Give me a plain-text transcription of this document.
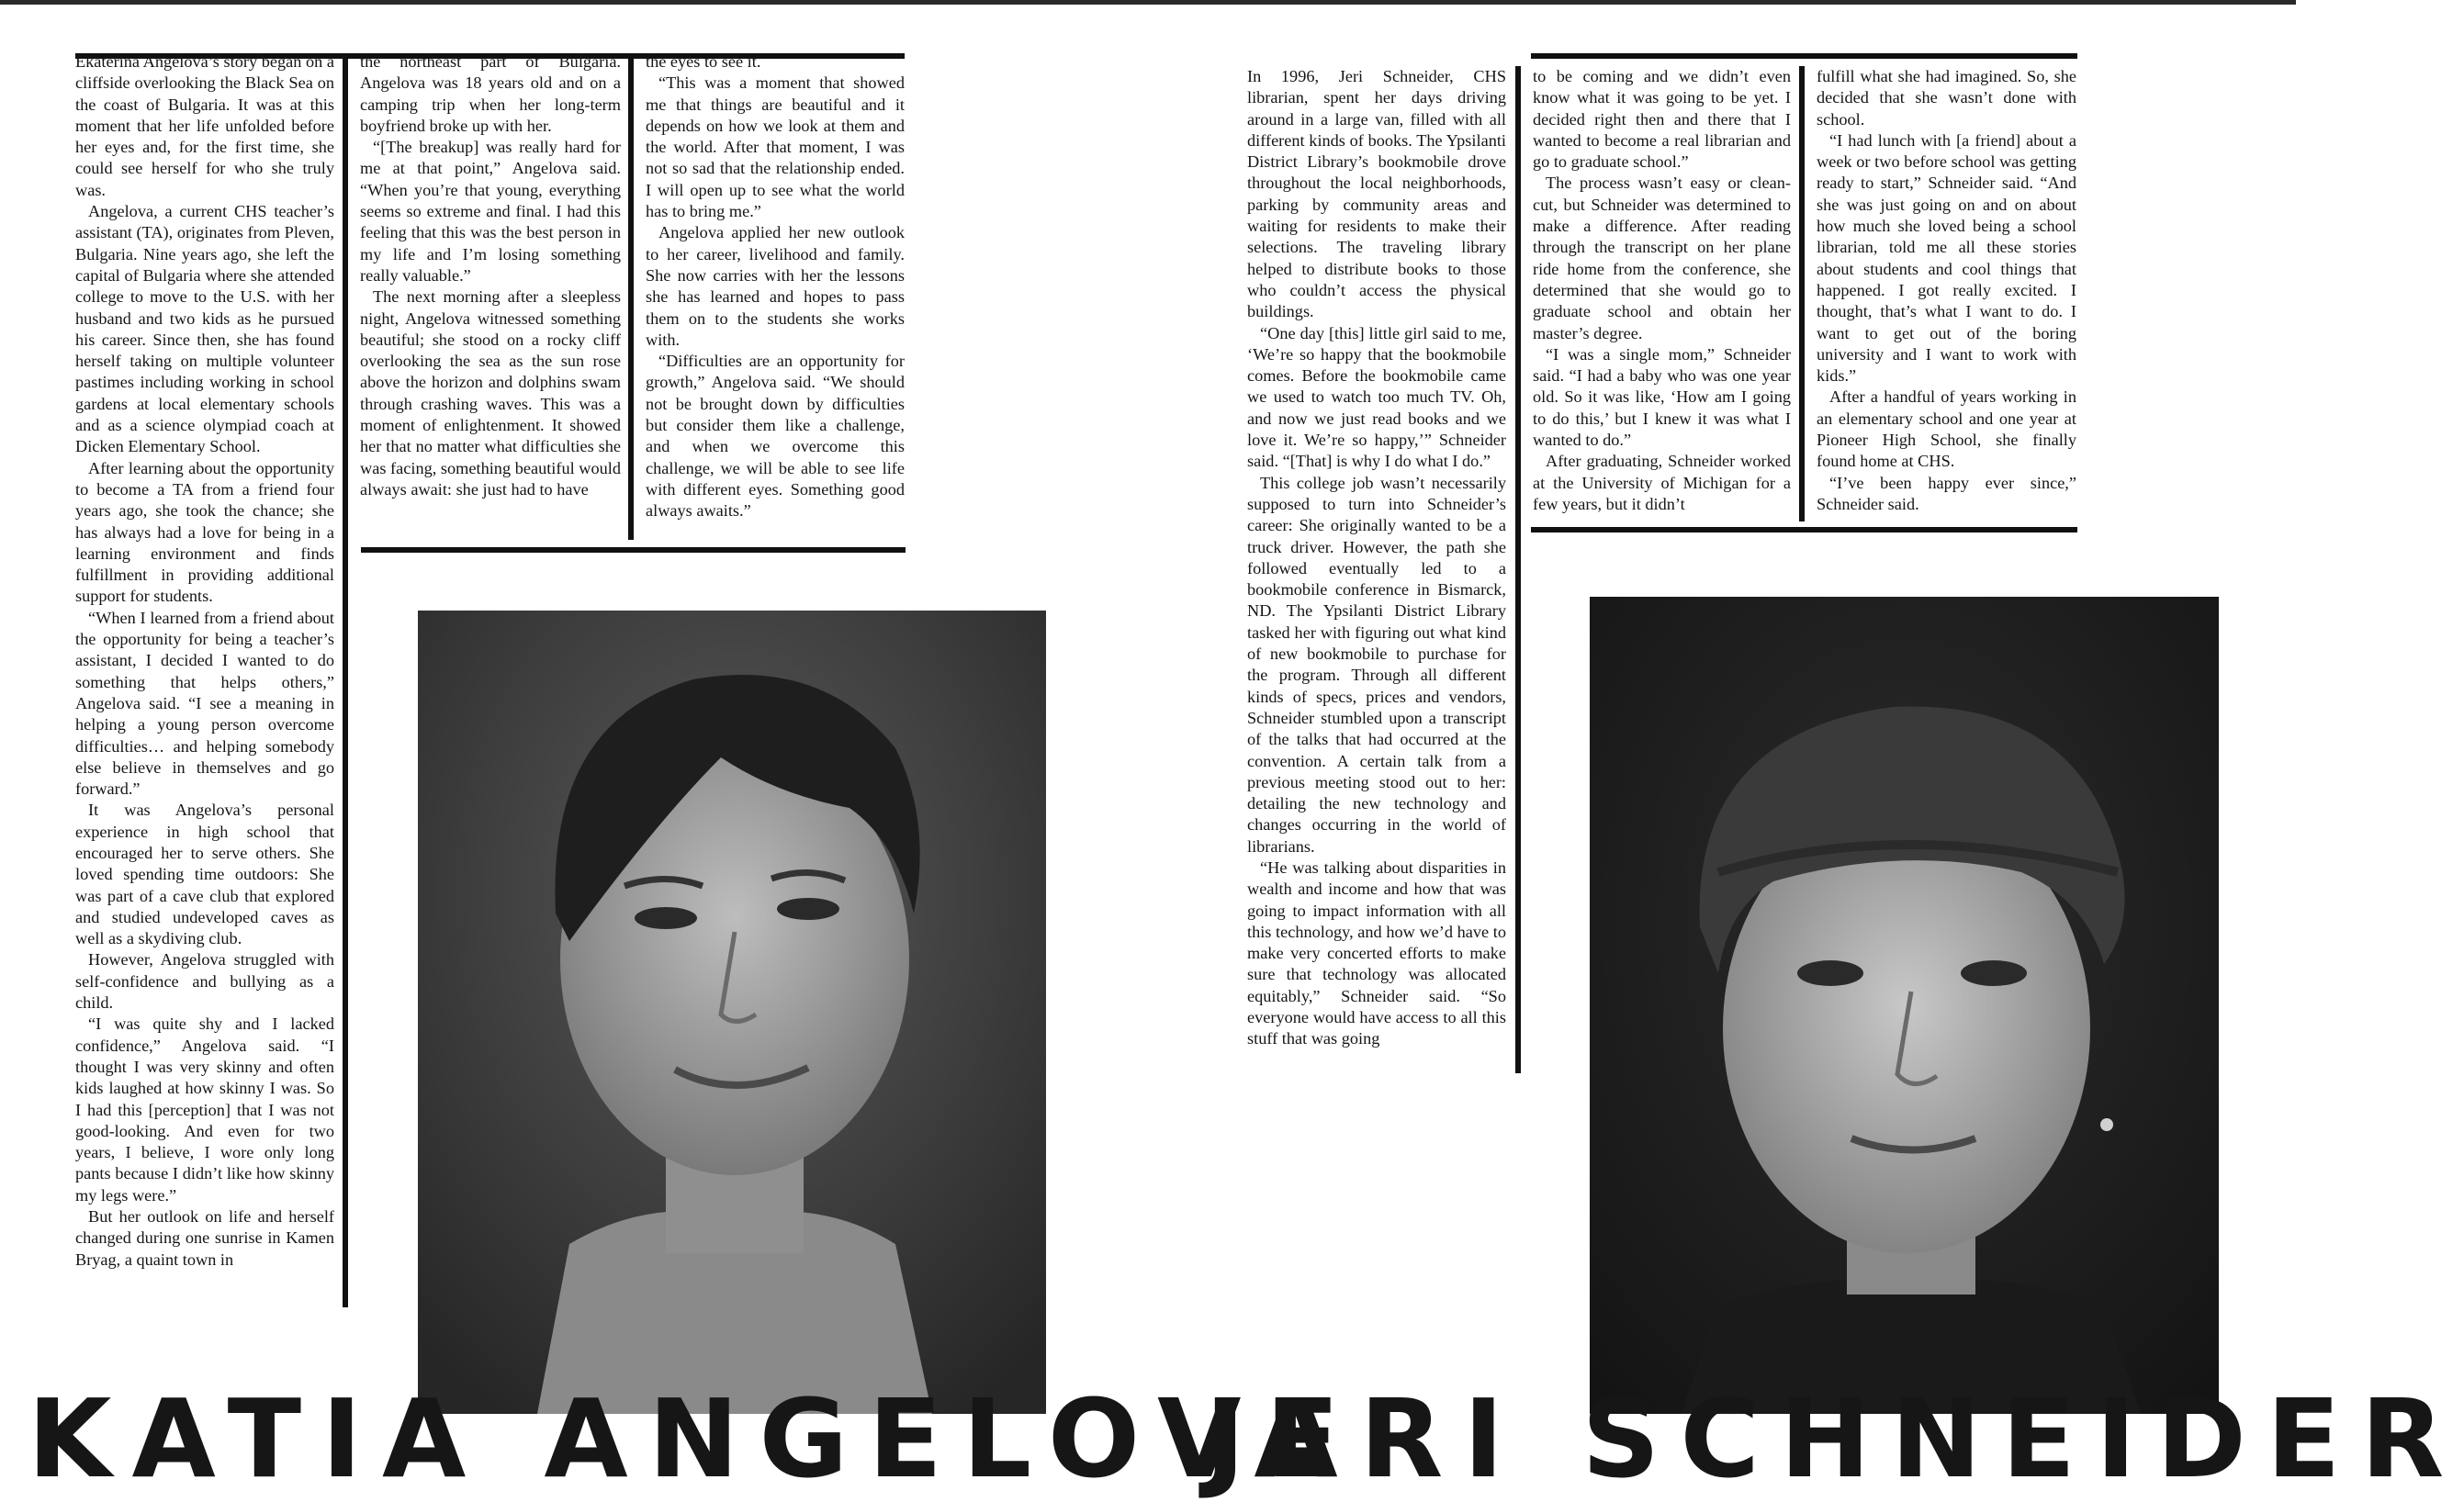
Ekaterina Angelova’s story began on a cliffside overlooking the Black Sea on the coast of Bulgaria. It was at this moment that her life unfolded before her eyes and, for the first time, she could see herself for who she truly was.

Angelova, a current CHS teacher’s assistant (TA), originates from Pleven, Bulgaria. Nine years ago, she left the capital of Bulgaria where she attended college to move to the U.S. with her husband and two kids as he pursued his career. Since then, she has found herself taking on multiple volunteer pastimes including working in school gardens at local elementary schools and as a science olympiad coach at Dicken Elementary School.

After learning about the opportunity to become a TA from a friend four years ago, she took the chance; she has always had a love for being in a learning environment and finds fulfillment in providing additional support for students.

“When I learned from a friend about the opportunity for being a teacher’s assistant, I decided I wanted to do something that helps others,” Angelova said. “I see a meaning in helping a young person overcome difficulties… and helping somebody else believe in themselves and go forward.”

It was Angelova’s personal experience in high school that encouraged her to serve others. She loved spending time outdoors: She was part of a cave club that explored and studied undeveloped caves as well as a skydiving club.

However, Angelova struggled with self-confidence and bullying as a child.

“I was quite shy and I lacked confidence,” Angelova said. “I thought I was very skinny and often kids laughed at how skinny I was. So I had this [perception] that I was not good-looking. And even for two years, I believe, I wore only long pants because I didn’t like how skinny my legs were.”

But her outlook on life and herself changed during one sunrise in Kamen Bryag, a quaint town in

the northeast part of Bulgaria. Angelova was 18 years old and on a camping trip when her long-term boyfriend broke up with her.

“[The breakup] was really hard for me at that point,” Angelova said. “When you’re that young, everything seems so extreme and final. I had this feeling that this was the best person in my life and I’m losing something really valuable.”

The next morning after a sleepless night, Angelova witnessed something beautiful; she stood on a rocky cliff overlooking the sea as the sun rose above the horizon and dolphins swam through crashing waves. This was a moment of enlightenment. It showed her that no matter what difficulties she was facing, something beautiful would always await: she just had to have

the eyes to see it.

“This was a moment that showed me that things are beautiful and it depends on how we look at them and the world. After that moment, I was not so sad that the relationship ended. I will open up to see what the world has to bring me.”

Angelova applied her new outlook to her career, livelihood and family. She now carries with her the lessons she has learned and hopes to pass them on to the students she works with.

“Difficulties are an opportunity for growth,” Angelova said. “We should not be brought down by difficulties but consider them like a challenge, and when we overcome this challenge, we will be able to see life with different eyes. Something good always awaits.”

KATIA ANGELOVA

In 1996, Jeri Schneider, CHS librarian, spent her days driving around in a large van, filled with all different kinds of books. The Ypsilanti District Library’s bookmobile drove throughout the local neighborhoods, parking by community areas and waiting for residents to make their selections. The traveling library helped to distribute books to those who couldn’t access the physical buildings.

“One day [this] little girl said to me, ‘We’re so happy that the bookmobile comes. Before the bookmobile came we used to watch too much TV. Oh, and now we just read books and we love it. We’re so happy,’” Schneider said. “[That] is why I do what I do.”

This college job wasn’t necessarily supposed to turn into Schneider’s career: She originally wanted to be a truck driver. However, the path she followed eventually led to a bookmobile conference in Bismarck, ND. The Ypsilanti District Library tasked her with figuring out what kind of new bookmobile to purchase for the program. Through all different kinds of specs, prices and vendors, Schneider stumbled upon a transcript of the talks that had occurred at the convention. A certain talk from a previous meeting stood out to her: detailing the new technology and changes occurring in the world of librarians.

“He was talking about disparities in wealth and income and how that was going to impact information with all this technology, and how we’d have to make very concerted efforts to make sure that technology was allocated equitably,” Schneider said. “So everyone would have access to all this stuff that was going

to be coming and we didn’t even know what it was going to be yet. I decided right then and there that I wanted to become a real librarian and go to graduate school.”

The process wasn’t easy or clean-cut, but Schneider was determined to make a difference. After reading through the transcript on her plane ride home from the conference, she determined that she would go to graduate school and obtain her master’s degree.

“I was a single mom,” Schneider said. “I had a baby who was one year old. So it was like, ‘How am I going to do this,’ but I knew it was what I wanted to do.”

After graduating, Schneider worked at the University of Michigan for a few years, but it didn’t

fulfill what she had imagined. So, she decided that she wasn’t done with school.

“I had lunch with [a friend] about a week or two before school was getting ready to start,” Schneider said. “And she was just going on and on about how much she loved being a school librarian, told me all these stories about students and cool things that happened. I got really excited. I thought, that’s what I want to do. I want to get out of the boring university and I want to work with kids.”

After a handful of years working in an elementary school and one year at Pioneer High School, she finally found home at CHS.

“I’ve been happy ever since,” Schneider said.

JERI SCHNEIDER
